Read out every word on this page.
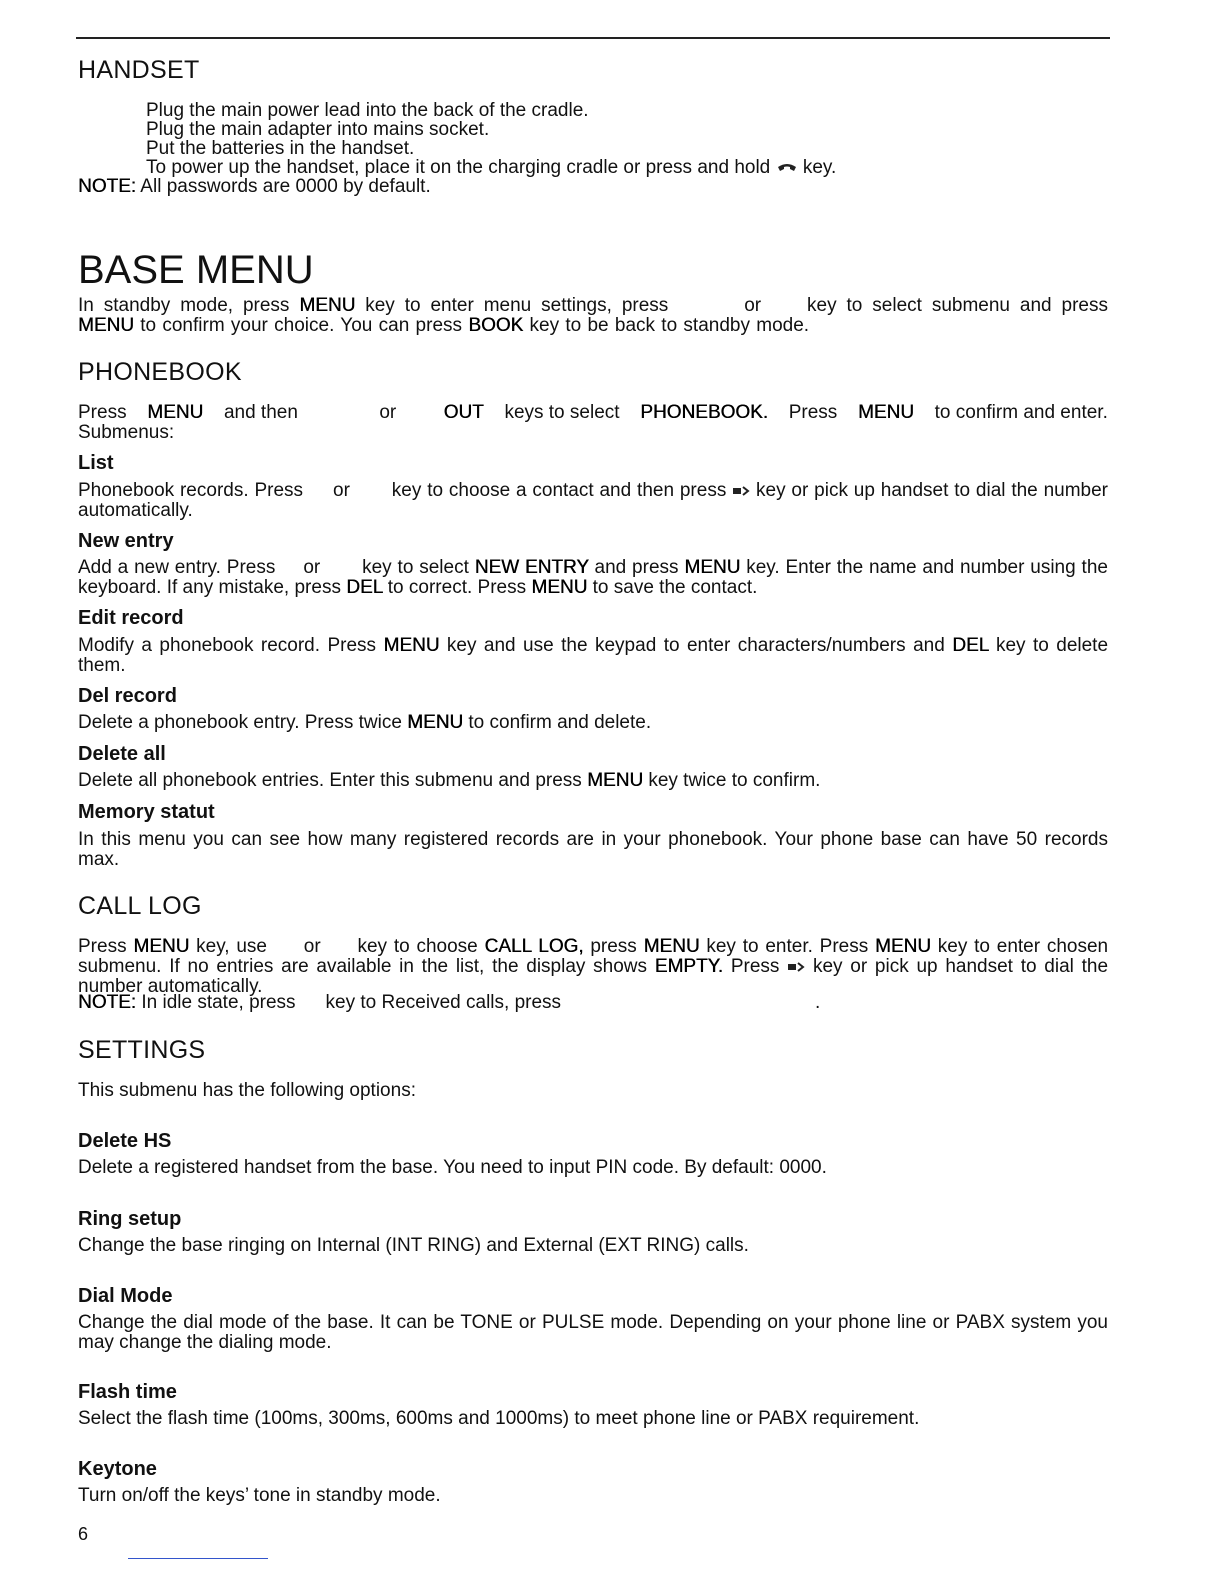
HANDSET

Plug the main power lead into the back of the cradle.

Plug the main adapter into mains socket.

Put the batteries in the handset.

To power up the handset, place it on the charging cradle or press and hold key.

NOTE: All passwords are 0000 by default.

BASE MENU

In standby mode, press MENU key to enter menu settings, press	or key to select submenu and press MENU to confirm your choice. You can press BOOK key to be back to standby mode.

PHONEBOOK

Press MENU and then	or OUT keys to select PHONEBOOK. Press MENU to confirm and enter.
Submenus:

List

Phonebook records. Press or key to choose a contact and then press key or pick up handset to dial the number automatically.

New entry

Add a new entry. Press or key to select NEW ENTRY and press MENU key. Enter the name and number using the keyboard. If any mistake, press DEL to correct. Press MENU to save the contact.

Edit record

Modify a phonebook record. Press MENU key and use the keypad to enter characters/numbers and DEL key to delete them.

Del record

Delete a phonebook entry. Press twice MENU to confirm and delete.

Delete all

Delete all phonebook entries. Enter this submenu and press MENU key twice to confirm.

Memory statut

In this menu you can see how many registered records are in your phonebook. Your phone base can have 50 records max.

CALL LOG

Press MENU key, use or key to choose CALL LOG, press MENU key to enter. Press MENU key to enter chosen submenu. If no entries are available in the list, the display shows EMPTY. Press key or pick up handset to dial the number automatically.

NOTE: In idle state, press key to Received calls, press	.

SETTINGS

This submenu has the following options:

Delete HS

Delete a registered handset from the base. You need to input PIN code. By default: 0000.

Ring setup

Change the base ringing on Internal (INT RING) and External (EXT RING) calls.

Dial Mode

Change the dial mode of the base. It can be TONE or PULSE mode. Depending on your phone line or PABX system you may change the dialing mode.

Flash time

Select the flash time (100ms, 300ms, 600ms and 1000ms) to meet phone line or PABX requirement.

Keytone

Turn on/off the keys’ tone in standby mode.

6
